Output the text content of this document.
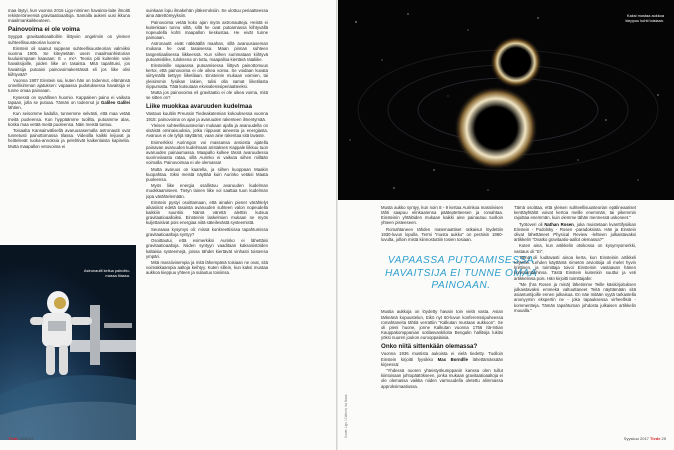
maa löytyi, kun vuonna 2016 Ligo-niminen havainto-laite ilmoitti rekisteröineensä gravitaatioaaltoja. Samalla aukeni uusi ikkuna maailmankaikkeuteen.

Painovoima ei ole voima

Syyppä gravitaatioaaltoihin liittyviin ongelmiin on yleinen suhteellisuusteorian luonne.

Einstein oli saanut suppean suhteellisuusteorian valmiiksi vuonna 1905. Se kiteytetään usein maailmanhistorian kuuluisimpaan kaavaan: E = mc². Teoria piti kuitenkin vain havaitsijoille, joiden liike on tasaista. Mitä tapahtuisi, jos havaitsija putoaisi painovoimakentässä eli jos liike olisi kiihtyvää?

Vuonna 1907 Einstein sai, kuten hän on todennut, elämänsä onnellisimman ajatuksen: vapaassa pudotuksessa havaitsija ei tunne omaa painoaan.

Kysessä on syvällinen huomio. Kappaleen paino ei vaikuta tapaan, jolla se putoaa. Tämän on todennut jo Galileo Galilei lähtien.

Kun seisomme kadulla, tunnemme selvästi, että maa vetää meitä puoleensa. Kun hyppäämme tuolilta, putoamme alas, koska maa vetää meitä puoleensa. Näin meistä tuntuu.

Toisaalta Kansainvälisellä avaruusasemalla astronautit ovat tunnetusti painottomassa tilassa. Videoilla kaikki leijuvat ja heittelevät ruoka-annoksia ja pelehtivät kaikenlaista kapinelia. Mutta maapallon vetovoima ei

Astronautit kellua painotto-massa tilassa.

suinkaan lopu ilmakehän yläkerroksiin. Se ulottuu periaatteessa aina äärettömyyksiin.

Painovoima vetää koko ajan myös astronautteja. Heistä ei kuitenkaan tunnu siltä, sillä he ovat putoamassa kiihtyvällä nopeudella kohti maapallon keskustaa. He eivät tunne painoaan.

Astronautit eivät näkkäällä maahan, sillä avaruusaseman mukana he ovat tasaisessa. Maan pinnan suhteen tangentiaalisessa liikkeessä. Kun siihen summataan kiihtyvä putoamisliike, tuloksena on tuttu, maapalloa kiertävä rataliike.

Einsteinille vapaassa putoamisessa liittyvä painottomuus kertoi, että painovoima ei ole oikea voima. Se voidaan kuvata siirtymällä tiettyyn liiketilaan. Einsteinin mukaan voimien, tai yleisimmin fysiikan lakien, tulisi olla samat liiketilasta riippumatta. Tätä kutsutaan ekvivalenssiperiaatteeksi.

Mutta jos painovoima eli gravitaatio ei ole oikea voima, mitä se sitten on?

Liike muokkaa avaruuden kudelmaa

Vastaus kuultiin Preussin Tiedeakatemian kokouksessa vuonna 1915: painovoima on ajan ja avaruuden rakenteen ilmentymää.

Yleisen suhteellisuusteorian mukaan ajalla ja avaruudella on sisäistä ominaisuuksia, jotka riippuvat aineesta ja energiasta. Avaruus ei ole tyhjä näyttämö, vaan aine rakentaa sitä lavaste.

Esimerkiksi Aurinngon voi massansa ansiosta ajatella painavan avaruuden kudelmaan aristaksen Kappale liikkuu tuon avaruuden painaumassa. Maapallo kulkee tässä avaruudessa suorinviivasta rataa, sillä Aurinko ei vaikuta siihen millään voimalla. Painovoimaa ei ole olemassa!

Mutta avaruus on kaarella, ja siihen kuoppaan Maakin kuopahtaa. Siksi meistä näyttää kuin Aurinko vetäisi Maata puoleensa.

Myös liike energia osallistuu avaruuden kudelman muokkaamiseen. Tietyn lainen liike voi saattaa tuon kudelman jopa värähtelemään.

Einstein pystyi osoittamaan, että ainakin pienet värähtelyt aikasiirat edetä tasaista avaruuden suhteen valon nopeudella kaikkiin suuntiin. Nämä värettä aletttin kutsua gravitaatioaalloiksi. Einsteinin laskelmien mukaan ne myös kuljettaisivat pois energiaa niitä säteilevästä systeemistä.

Seuraava kysymys oli: missä konkreettisissa tapahtumissa gravitaatioaaltoja syntyy?

Osoittautui, että esimerkiksi Aurinko ei lähettäisi gravitaatioaaltoja. Niiden syntyyn vaaditaan kaksosistöiden kaltaisia systeemejä, joissa tähdet kiertävät vinhasti toistensa ympäri.

Mitä massiivisempia ja mitä lähempänä toisiaan ne ovat, sitä voimakkaampia aaltoja keihtyy. Kuten sillein, kun kaksi mustaa aukkoa kieppuu yhteen ja sulautuu toisiinsa.

Tiede 12/2017
Kaksi mustaa aukkoa kieppuu kohti toisiaan.
Kuvat: Ligo / Caltech; iss Nasa

Musta aukko syntyy, kun noin 8 - 9 kertaa Aurinkoa massiivisen tähti saapuu elinkaarensa pääteptetteesen ja romahtaa. Einsteinin yhtälöiden mukaan kaikki aine painautuu tuolloin yhteen pisteeseen.

Romahtaneen tähden matemaattiset ratkaisut löydettiin 1930-luvun lopulla. Termi "musta aukko" on peräisin 1960-luvulta, jolloin mistä kiinnostuttiin tosien tosiaan.

Mustia aukkoja on löydetty havain toin vielä vasta. Asian tärkeänä kopuustelun, Eikö nyt 60-luvun konferenssipuheessa romahtaneita tähtiä verrattiin "Kalkutan mustaan aukkoon". Se oli pieni huone, jonne Kalkutan vuonna 1756 Itä-Intian Kauppakomppanian sotilasvankiloita Bengalin hallitsija lukitsi yöksi nuuren joukon eurooppalaisia.

Onko niitä sittenkään olemassa?

Vuonna 1936 mustista aukoista ei vielä tiedetty. Tuolloin Einstein kirjoitti fyysikko Max Borndlle lähettämässään kirjeessä:

"Yhdessä nuoren yhteistyökumppanin kanssa olen tullut kiintoisaan johtopäätökseen, jonka mukaan gravitaatioaaltoja ei ole olemassa vaikka niiden varmuudella oletettu alimmassa approksimaatiossa.

VAPAASSA PUTOAMISESSA HAVAITSIJA EI TUNNE OMAA PAINOAAN.

Tämä osoittaa, että yleisen suhteellisuusteorian epälineaariset kenttäyhtälöt voivat kertoa meille enemmän, tai pikemmin rajoittaa enemmän, kuin olemme tähän mennessä uskoneet."

Työtoveri oli Nathan Rosen, joka muistetaan kvanttifysiikan Einstein - Podolsky - Rosen -paradoksista. Hän ja Einstein olivat lähettäneet Physical Review -lehteen julkaistavaksi artikkelin "Ovatko gravitaatio-aallot olemassa?"

Kuten aina, kun artikkelin otsikossa on kysymysmerkki, vastaus oli "Ei".

Tämä oli luultavasti ainoa kerta, kun Einsteinin artikkeli torjuttiin. Lehden käyttämä nimetön arvioitsija oli melet hyvin kriittinen, ja toimittaja toivoi Einsteinin vastaavan hänen kommentteihinsa. Tästä Einstein kuitenkin suuttui ja veti artikkelinsa pois. Hän kirjoitti toimittajalle:

"Me (hra Rosen ja minä) lähetimme Teille käsikirjoituksen julkaistavaksi emmekä valtuuttaneet Teitä näyttämään sitä asiantuntijoille ennen julkaisua. En näe mitään syytä tarkastella anonyymin ekspertin ne - joka tapauksessa virheellisiä - kommentteja. Tämän tapahtuman johdosta julkaisen artikkelin muualla."

Syyskuu 2017 Tiede 25
